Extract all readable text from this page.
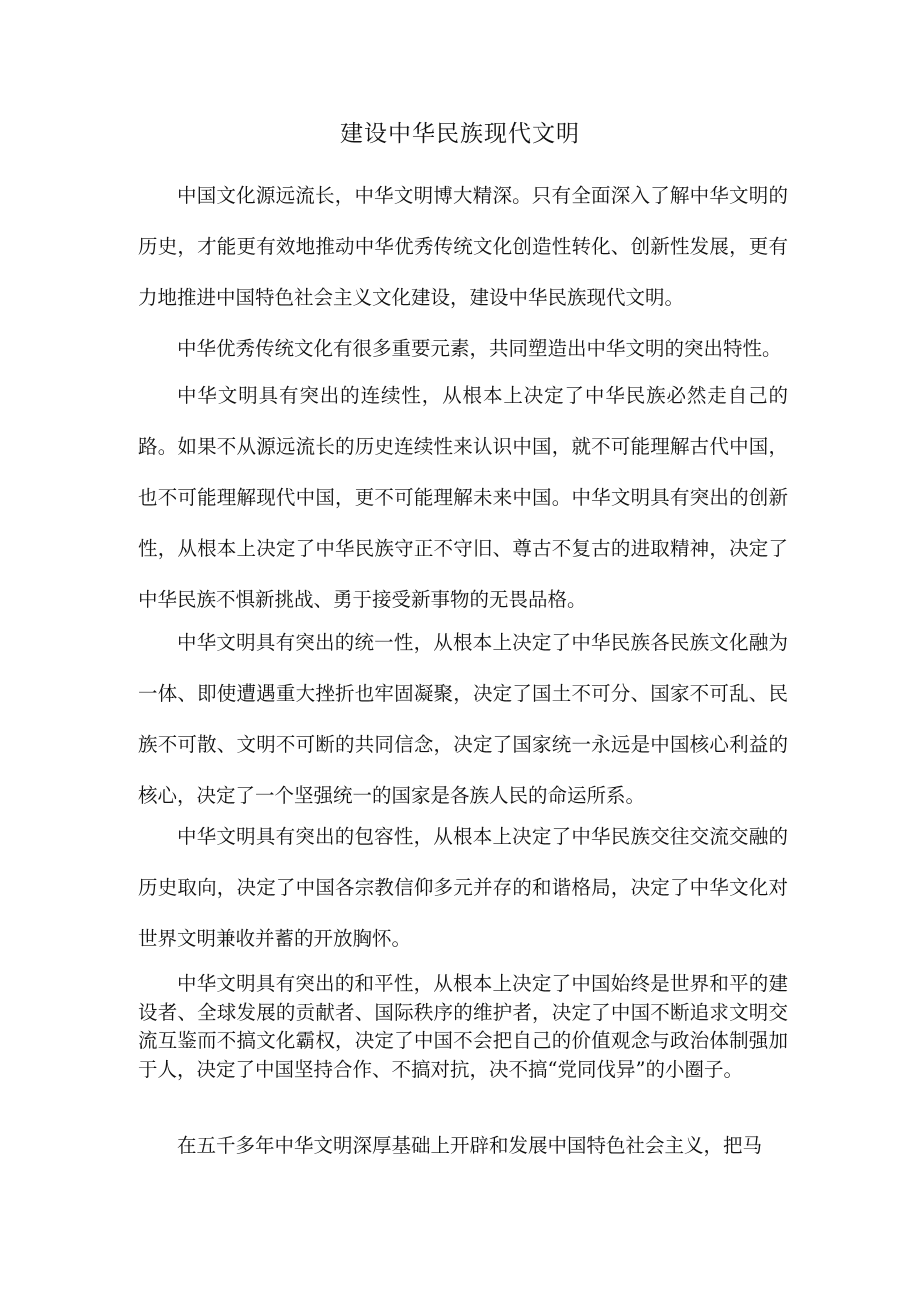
建设中华民族现代文明

中国文化源远流长，中华文明博大精深。只有全面深入了解中华文明的历史，才能更有效地推动中华优秀传统文化创造性转化、创新性发展，更有力地推进中国特色社会主义文化建设，建设中华民族现代文明。

中华优秀传统文化有很多重要元素，共同塑造出中华文明的突出特性。

中华文明具有突出的连续性，从根本上决定了中华民族必然走自己的路。如果不从源远流长的历史连续性来认识中国，就不可能理解古代中国，也不可能理解现代中国，更不可能理解未来中国。中华文明具有突出的创新性，从根本上决定了中华民族守正不守旧、尊古不复古的进取精神，决定了中华民族不惧新挑战、勇于接受新事物的无畏品格。

中华文明具有突出的统一性，从根本上决定了中华民族各民族文化融为一体、即使遭遇重大挫折也牢固凝聚，决定了国土不可分、国家不可乱、民族不可散、文明不可断的共同信念，决定了国家统一永远是中国核心利益的核心，决定了一个坚强统一的国家是各族人民的命运所系。

中华文明具有突出的包容性，从根本上决定了中华民族交往交流交融的历史取向，决定了中国各宗教信仰多元并存的和谐格局，决定了中华文化对世界文明兼收并蓄的开放胸怀。

中华文明具有突出的和平性，从根本上决定了中国始终是世界和平的建设者、全球发展的贡献者、国际秩序的维护者，决定了中国不断追求文明交流互鉴而不搞文化霸权，决定了中国不会把自己的价值观念与政治体制强加于人，决定了中国坚持合作、不搞对抗，决不搞“党同伐异”的小圈子。

在五千多年中华文明深厚基础上开辟和发展中国特色社会主义，把马
